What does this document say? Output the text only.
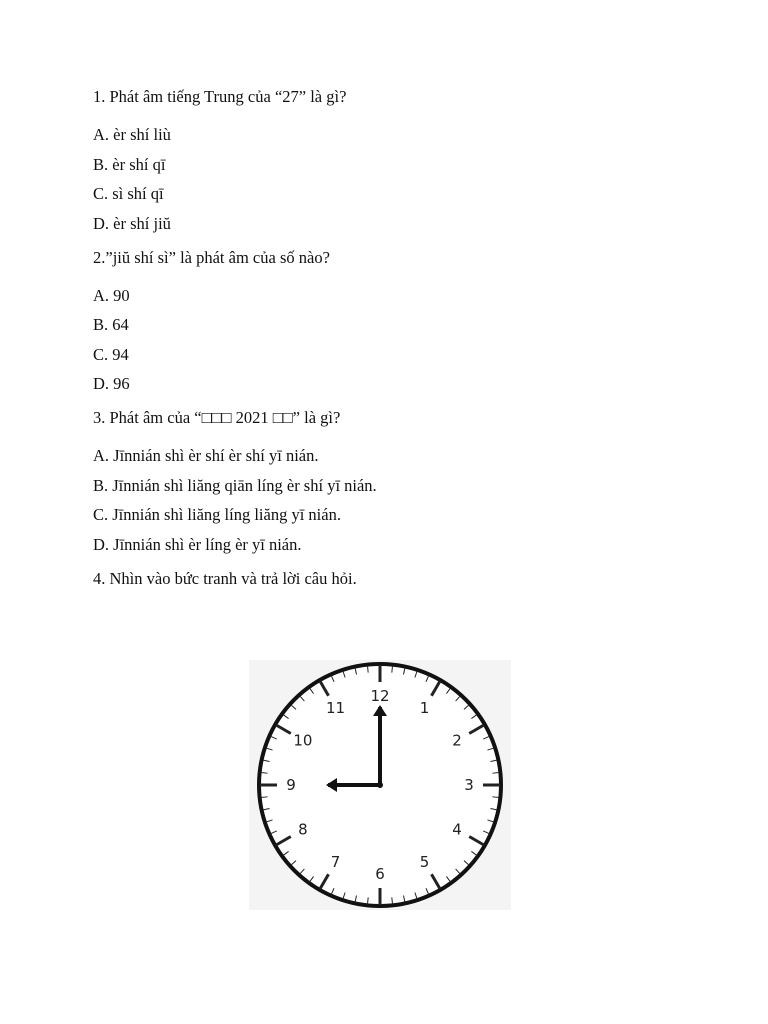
1. Phát âm tiếng Trung của “27” là gì?

A. èr shí liù
B. èr shí qī
C. sì shí qī
D. èr shí jiŭ

2.”jiŭ shí sì” là phát âm của số nào?

A. 90
B. 64
C. 94
D. 96

3. Phát âm của “□□□ 2021 □□” là gì?

A. Jīnnián shì èr shí èr shí yī nián.
B. Jīnnián shì liăng qiān líng èr shí yī nián.
C. Jīnnián shì liăng líng liăng yī nián.
D. Jīnnián shì èr líng èr yī nián.

4. Nhìn vào bức tranh và trả lời câu hỏi.

12
1
2
3
4
5
6
7
8
9
10
11
